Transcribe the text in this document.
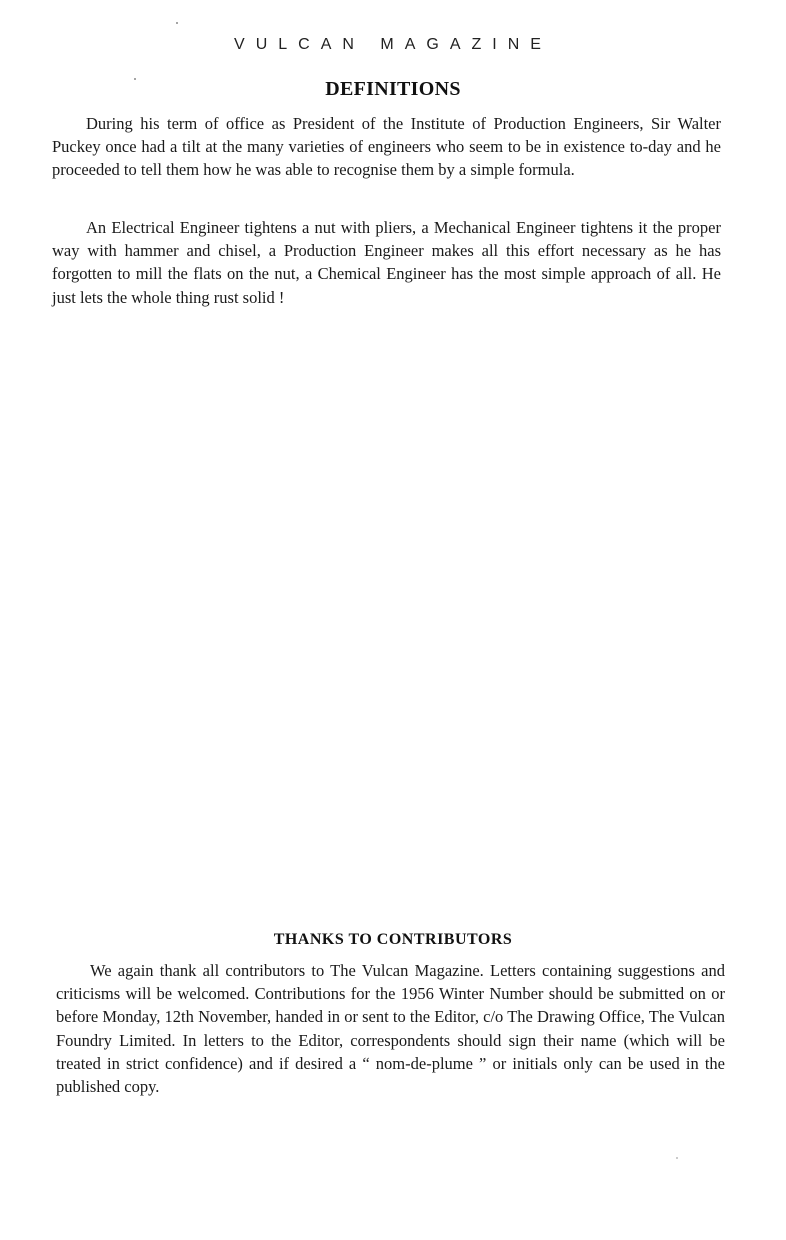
VULCAN MAGAZINE
DEFINITIONS

During his term of office as President of the Institute of Production Engineers, Sir Walter Puckey once had a tilt at the many varieties of engineers who seem to be in existence to-day and he proceeded to tell them how he was able to recognise them by a simple formula.

An Electrical Engineer tightens a nut with pliers, a Mechanical Engineer tightens it the proper way with hammer and chisel, a Production Engineer makes all this effort necessary as he has forgotten to mill the flats on the nut, a Chemical Engineer has the most simple approach of all. He just lets the whole thing rust solid !

THANKS TO CONTRIBUTORS

We again thank all contributors to The Vulcan Magazine. Letters containing suggestions and criticisms will be welcomed. Contributions for the 1956 Winter Number should be submitted on or before Monday, 12th November, handed in or sent to the Editor, c/o The Drawing Office, The Vulcan Foundry Limited. In letters to the Editor, correspondents should sign their name (which will be treated in strict confidence) and if desired a “ nom-de-plume ” or initials only can be used in the published copy.
